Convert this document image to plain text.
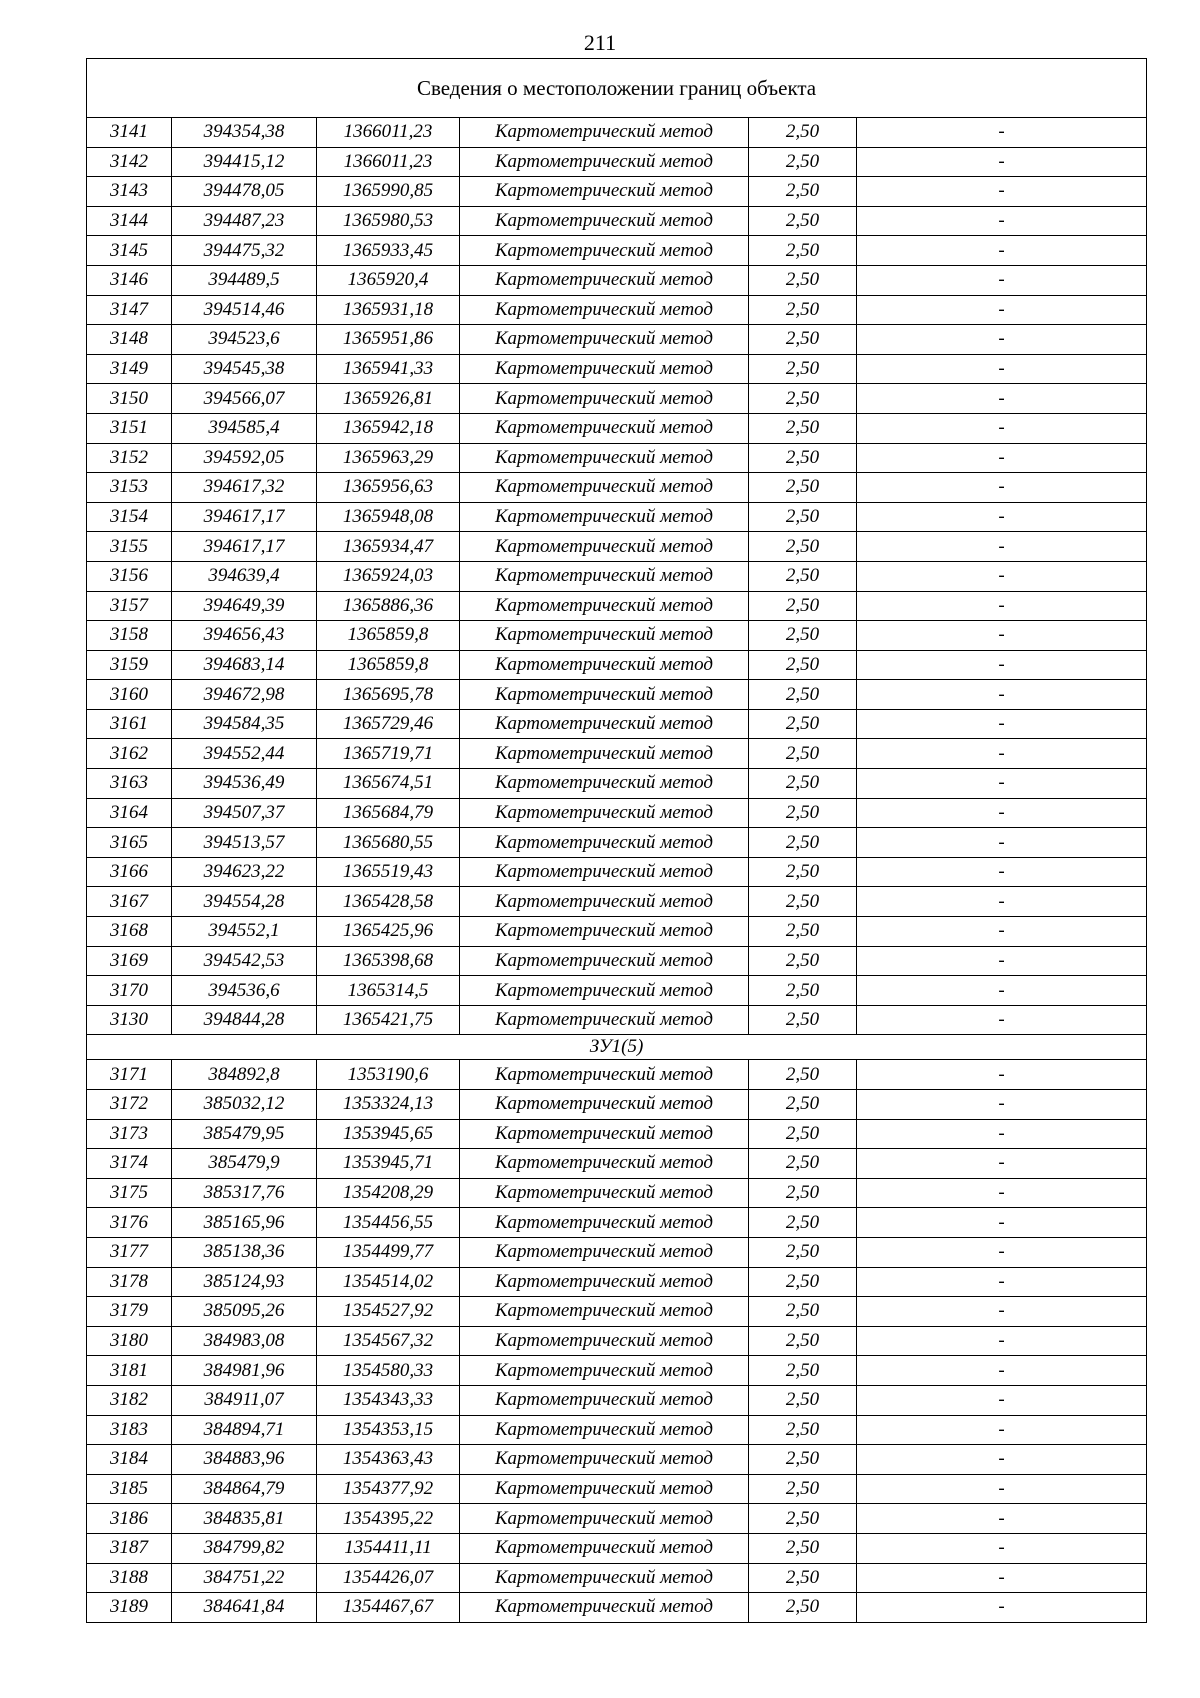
211
Сведения о местоположении границ объекта					
3141	394354,38	1366011,23	Картометрический метод	2,50	-
3142	394415,12	1366011,23	Картометрический метод	2,50	-
3143	394478,05	1365990,85	Картометрический метод	2,50	-
3144	394487,23	1365980,53	Картометрический метод	2,50	-
3145	394475,32	1365933,45	Картометрический метод	2,50	-
3146	394489,5	1365920,4	Картометрический метод	2,50	-
3147	394514,46	1365931,18	Картометрический метод	2,50	-
3148	394523,6	1365951,86	Картометрический метод	2,50	-
3149	394545,38	1365941,33	Картометрический метод	2,50	-
3150	394566,07	1365926,81	Картометрический метод	2,50	-
3151	394585,4	1365942,18	Картометрический метод	2,50	-
3152	394592,05	1365963,29	Картометрический метод	2,50	-
3153	394617,32	1365956,63	Картометрический метод	2,50	-
3154	394617,17	1365948,08	Картометрический метод	2,50	-
3155	394617,17	1365934,47	Картометрический метод	2,50	-
3156	394639,4	1365924,03	Картометрический метод	2,50	-
3157	394649,39	1365886,36	Картометрический метод	2,50	-
3158	394656,43	1365859,8	Картометрический метод	2,50	-
3159	394683,14	1365859,8	Картометрический метод	2,50	-
3160	394672,98	1365695,78	Картометрический метод	2,50	-
3161	394584,35	1365729,46	Картометрический метод	2,50	-
3162	394552,44	1365719,71	Картометрический метод	2,50	-
3163	394536,49	1365674,51	Картометрический метод	2,50	-
3164	394507,37	1365684,79	Картометрический метод	2,50	-
3165	394513,57	1365680,55	Картометрический метод	2,50	-
3166	394623,22	1365519,43	Картометрический метод	2,50	-
3167	394554,28	1365428,58	Картометрический метод	2,50	-
3168	394552,1	1365425,96	Картометрический метод	2,50	-
3169	394542,53	1365398,68	Картометрический метод	2,50	-
3170	394536,6	1365314,5	Картометрический метод	2,50	-
3130	394844,28	1365421,75	Картометрический метод	2,50	-
ЗУ1(5)					
3171	384892,8	1353190,6	Картометрический метод	2,50	-
3172	385032,12	1353324,13	Картометрический метод	2,50	-
3173	385479,95	1353945,65	Картометрический метод	2,50	-
3174	385479,9	1353945,71	Картометрический метод	2,50	-
3175	385317,76	1354208,29	Картометрический метод	2,50	-
3176	385165,96	1354456,55	Картометрический метод	2,50	-
3177	385138,36	1354499,77	Картометрический метод	2,50	-
3178	385124,93	1354514,02	Картометрический метод	2,50	-
3179	385095,26	1354527,92	Картометрический метод	2,50	-
3180	384983,08	1354567,32	Картометрический метод	2,50	-
3181	384981,96	1354580,33	Картометрический метод	2,50	-
3182	384911,07	1354343,33	Картометрический метод	2,50	-
3183	384894,71	1354353,15	Картометрический метод	2,50	-
3184	384883,96	1354363,43	Картометрический метод	2,50	-
3185	384864,79	1354377,92	Картометрический метод	2,50	-
3186	384835,81	1354395,22	Картометрический метод	2,50	-
3187	384799,82	1354411,11	Картометрический метод	2,50	-
3188	384751,22	1354426,07	Картометрический метод	2,50	-
3189	384641,84	1354467,67	Картометрический метод	2,50	-
